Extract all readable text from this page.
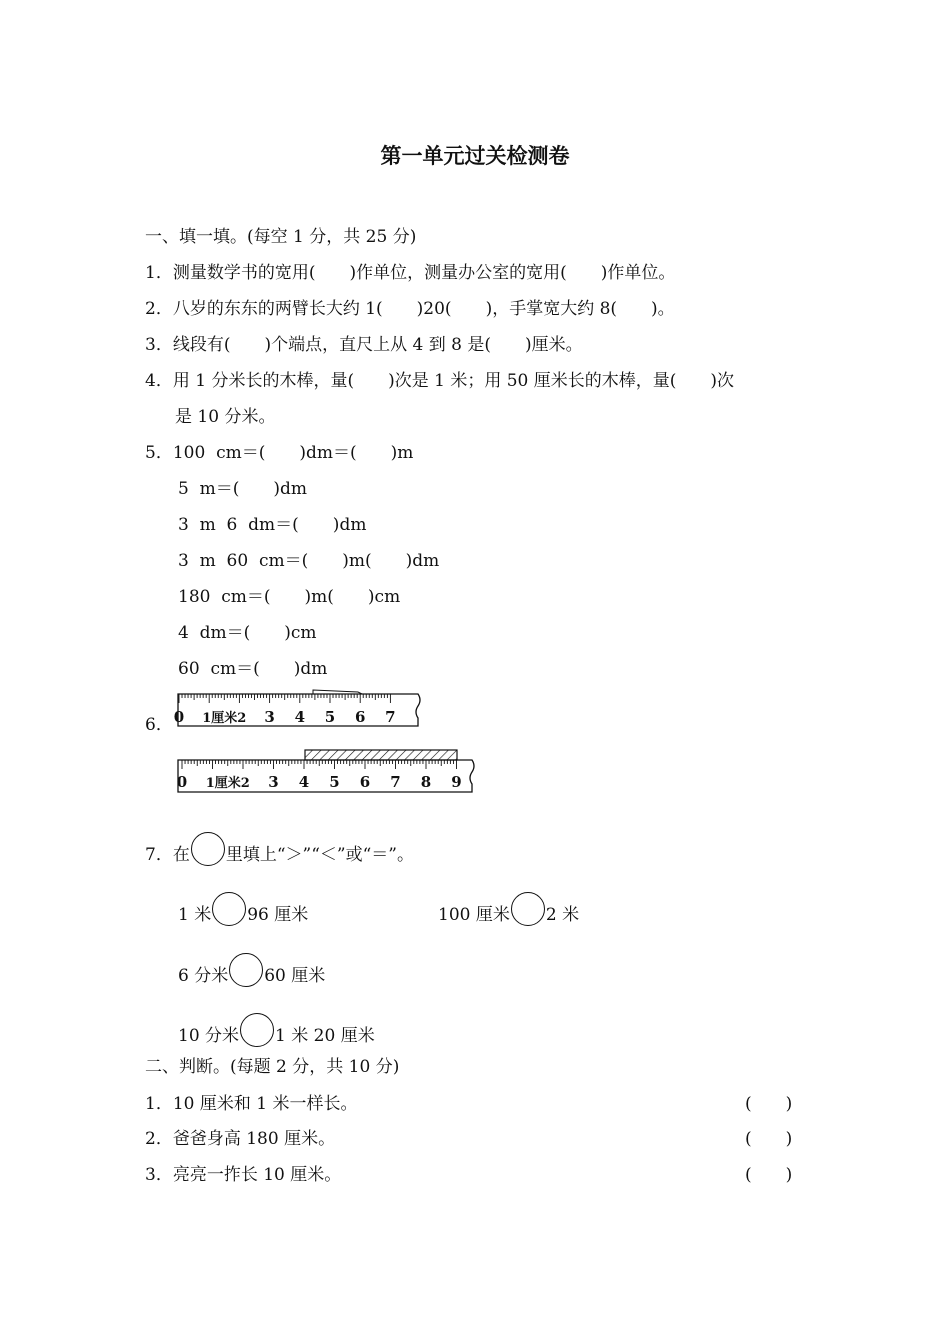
第一单元过关检测卷
一、填一填。(每空 1 分，共 25 分)
1．测量数学书的宽用(　　)作单位，测量办公室的宽用(　　)作单位。
2．八岁的东东的两臂长大约 1(　　)20(　　)，手掌宽大约 8(　　)。
3．线段有(　　)个端点，直尺上从 4 到 8 是(　　)厘米。
4．用 1 分米长的木棒，量(　　)次是 1 米；用 50 厘米长的木棒，量(　　)次
是 10 分米。
5．100  cm＝(　　)dm＝(　　)m
5  m＝(　　)dm
3  m  6  dm＝(　　)dm
3  m  60  cm＝(　　)m(　　)dm
180  cm＝(　　)m(　　)cm
4  dm＝(　　)cm
60  cm＝(　　)dm
6． 0 1厘米2 3 4 5 6 7
0 1厘米2 3 4 5 6 7 8 9
7．在 里填上“＞”“＜”或“＝”。
1 米 96 厘米	100 厘米 2 米
6 分米 60 厘米
10 分米 1 米 20 厘米
二、判断。(每题 2 分，共 10 分)
1．10 厘米和 1 米一样长。	(　　)
2．爸爸身高 180 厘米。	(　　)
3．亮亮一拃长 10 厘米。	(　　)
